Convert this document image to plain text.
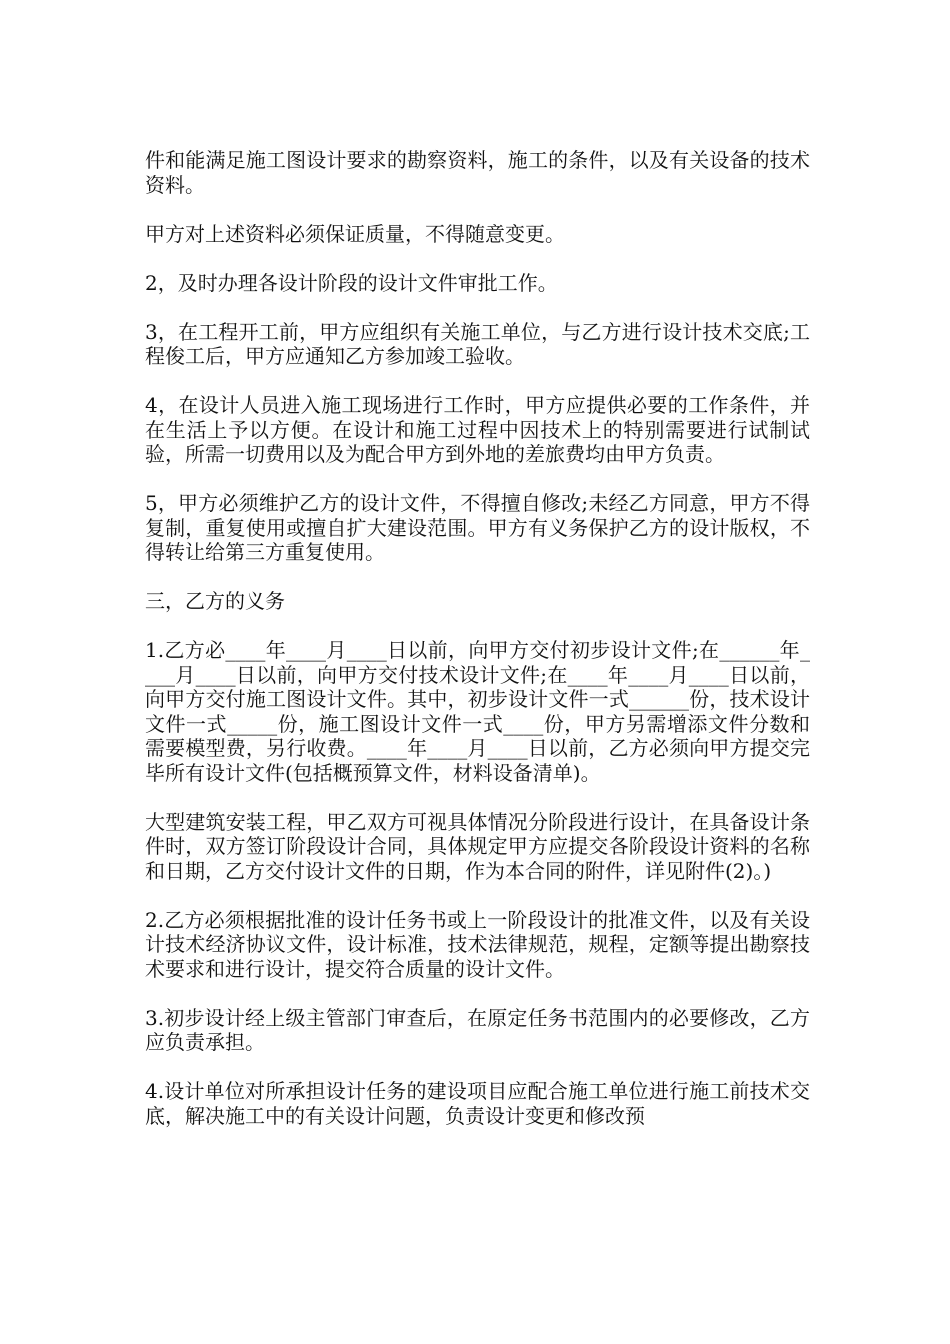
件和能满足施工图设计要求的勘察资料，施工的条件，以及有关设备的技术资料。

甲方对上述资料必须保证质量，不得随意变更。

2，及时办理各设计阶段的设计文件审批工作。

3，在工程开工前，甲方应组织有关施工单位，与乙方进行设计技术交底;工程俊工后，甲方应通知乙方参加竣工验收。

4，在设计人员进入施工现场进行工作时，甲方应提供必要的工作条件，并在生活上予以方便。在设计和施工过程中因技术上的特别需要进行试制试验，所需一切费用以及为配合甲方到外地的差旅费均由甲方负责。

5，甲方必须维护乙方的设计文件，不得擅自修改;未经乙方同意，甲方不得复制，重复使用或擅自扩大建设范围。甲方有义务保护乙方的设计版权，不得转让给第三方重复使用。

三，乙方的义务

1.乙方必____年____月____日以前，向甲方交付初步设计文件;在______年____月____日以前，向甲方交付技术设计文件;在____年____月____日以前，向甲方交付施工图设计文件。其中，初步设计文件一式______份，技术设计文件一式_____份，施工图设计文件一式____份，甲方另需增添文件分数和需要模型费，另行收费。____年____月____日以前，乙方必须向甲方提交完毕所有设计文件(包括概预算文件，材料设备清单)。

大型建筑安装工程，甲乙双方可视具体情况分阶段进行设计，在具备设计条件时，双方签订阶段设计合同，具体规定甲方应提交各阶段设计资料的名称和日期，乙方交付设计文件的日期，作为本合同的附件，详见附件(2)。)

2.乙方必须根据批准的设计任务书或上一阶段设计的批准文件，以及有关设计技术经济协议文件，设计标准，技术法律规范，规程，定额等提出勘察技术要求和进行设计，提交符合质量的设计文件。

3.初步设计经上级主管部门审查后，在原定任务书范围内的必要修改，乙方应负责承担。

4.设计单位对所承担设计任务的建设项目应配合施工单位进行施工前技术交底，解决施工中的有关设计问题，负责设计变更和修改预
